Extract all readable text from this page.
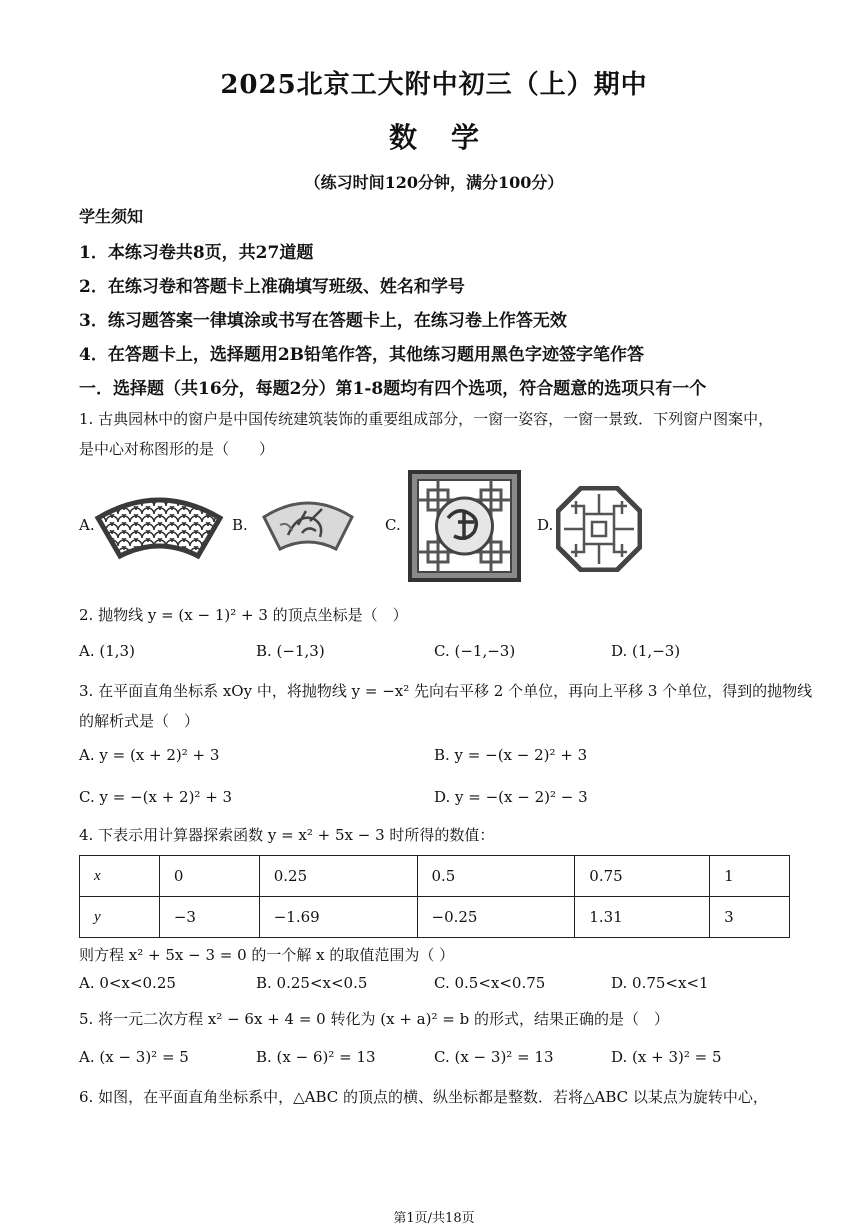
2025北京工大附中初三（上）期中
数学
（练习时间120分钟，满分100分）
学生须知
1．本练习卷共8页，共27道题
2．在练习卷和答题卡上准确填写班级、姓名和学号
3．练习题答案一律填涂或书写在答题卡上，在练习卷上作答无效
4．在答题卡上，选择题用2B铅笔作答，其他练习题用黑色字迹签字笔作答
一．选择题（共16分，每题2分）第1-8题均有四个选项，符合题意的选项只有一个
1. 古典园林中的窗户是中国传统建筑装饰的重要组成部分，一窗一姿容，一窗一景致．下列窗户图案中，
是中心对称图形的是（　　）
A.	B.	C.	D.
2. 抛物线 y = (x − 1)² + 3 的顶点坐标是（　）
A. (1,3)	B. (−1,3)	C. (−1,−3)	D. (1,−3)
3. 在平面直角坐标系 xOy 中，将抛物线 y = −x² 先向右平移 2 个单位，再向上平移 3 个单位，得到的抛物线
的解析式是（　）
A. y = (x + 2)² + 3	B. y = −(x − 2)² + 3
C. y = −(x + 2)² + 3	D. y = −(x − 2)² − 3
4. 下表示用计算器探索函数 y = x² + 5x − 3 时所得的数值：
x	0	0.25	0.5	0.75	1
y	−3	−1.69	−0.25	1.31	3
则方程 x² + 5x − 3 = 0 的一个解 x 的取值范围为（ ）
A. 0<x<0.25	B. 0.25<x<0.5	C. 0.5<x<0.75	D. 0.75<x<1
5. 将一元二次方程 x² − 6x + 4 = 0 转化为 (x + a)² = b 的形式，结果正确的是（　）
A. (x − 3)² = 5	B. (x − 6)² = 13	C. (x − 3)² = 13	D. (x + 3)² = 5
6. 如图，在平面直角坐标系中，△ABC 的顶点的横、纵坐标都是整数．若将△ABC 以某点为旋转中心，
第1页/共18页
